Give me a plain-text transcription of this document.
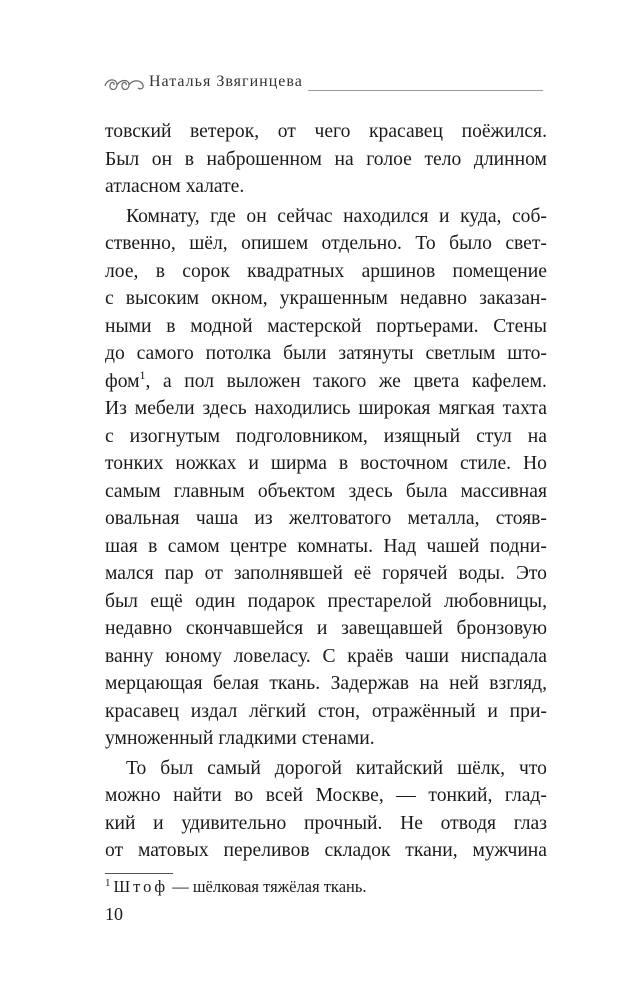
Наталья Звягинцева
товский ветерок, от чего красавец поёжился.
Был он в наброшенном на голое тело длинном
атласном халате.
Комнату, где он сейчас находился и куда, соб-
ственно, шёл, опишем отдельно. То было свет-
лое, в сорок квадратных аршинов помещение
с высоким окном, украшенным недавно заказан-
ными в модной мастерской портьерами. Стены
до самого потолка были затянуты светлым што-
фом$^1$, а пол выложен такого же цвета кафелем.
Из мебели здесь находились широкая мягкая тахта
с изогнутым подголовником, изящный стул на
тонких ножках и ширма в восточном стиле. Но
самым главным объектом здесь была массивная
овальная чаша из желтоватого металла, стояв-
шая в самом центре комнаты. Над чашей подни-
мался пар от заполнявшей её горячей воды. Это
был ещё один подарок престарелой любовницы,
недавно скончавшейся и завещавшей бронзовую
ванну юному ловеласу. С краёв чаши ниспадала
мерцающая белая ткань. Задержав на ней взгляд,
красавец издал лёгкий стон, отражённый и при-
умноженный гладкими стенами.
То был самый дорогой китайский шёлк, что
можно найти во всей Москве, — тонкий, глад-
кий и удивительно прочный. Не отводя глаз
от матовых переливов складок ткани, мужчина
$^1$ Штоф — шёлковая тяжёлая ткань.
10
